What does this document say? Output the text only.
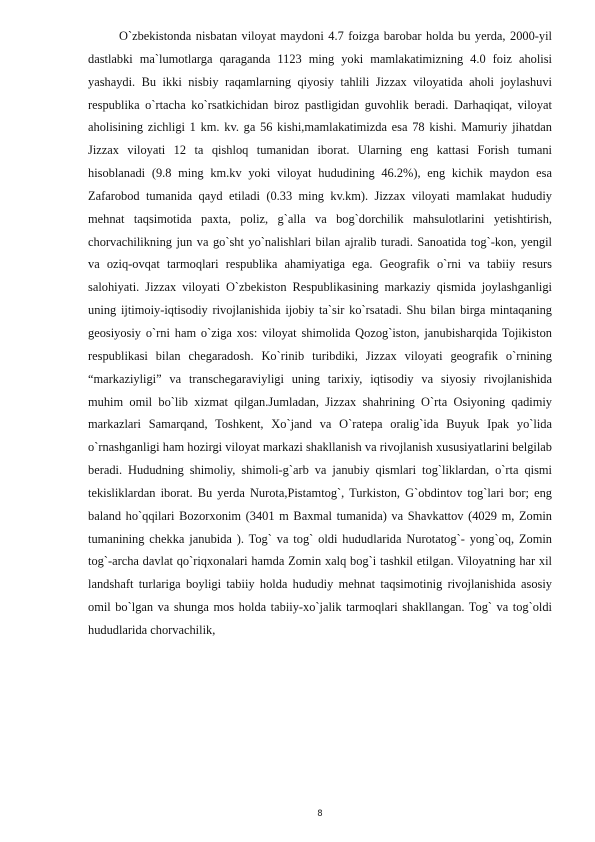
O`zbekistonda nisbatan viloyat maydoni 4.7 foizga barobar holda bu yerda, 2000-yil dastlabki ma`lumotlarga qaraganda 1123 ming yoki mamlakatimizning 4.0 foiz aholisi yashaydi. Bu ikki nisbiy raqamlarning qiyosiy tahlili Jizzax viloyatida aholi joylashuvi respublika o`rtacha ko`rsatkichidan biroz pastligidan guvohlik beradi. Darhaqiqat, viloyat aholisining zichligi 1 km. kv. ga 56 kishi,mamlakatimizda esa 78 kishi. Mamuriy jihatdan Jizzax viloyati 12 ta qishloq tumanidan iborat. Ularning eng kattasi Forish tumani hisoblanadi (9.8 ming km.kv yoki viloyat hududining 46.2%), eng kichik maydon esa Zafarobod tumanida qayd etiladi (0.33 ming kv.km). Jizzax viloyati mamlakat hududiy mehnat taqsimotida paxta, poliz, g`alla va bog`dorchilik mahsulotlarini yetishtirish, chorvachilikning jun va go`sht yo`nalishlari bilan ajralib turadi. Sanoatida tog`-kon, yengil va oziq-ovqat tarmoqlari respublika ahamiyatiga ega. Geografik o`rni va tabiiy resurs salohiyati. Jizzax viloyati O`zbekiston Respublikasining markaziy qismida joylashganligi uning ijtimoiy-iqtisodiy rivojlanishida ijobiy ta`sir ko`rsatadi. Shu bilan birga mintaqaning geosiyosiy o`rni ham o`ziga xos: viloyat shimolida Qozog`iston, janubisharqida Tojikiston respublikasi bilan chegaradosh. Ko`rinib turibdiki, Jizzax viloyati geografik o`rnining “markaziyligi” va transchegaraviyligi uning tarixiy, iqtisodiy va siyosiy rivojlanishida muhim omil bo`lib xizmat qilgan.Jumladan, Jizzax shahrining O`rta Osiyoning qadimiy markazlari Samarqand, Toshkent, Xo`jand va O`ratepa oralig`ida Buyuk Ipak yo`lida o`rnashganligi ham hozirgi viloyat markazi shakllanish va rivojlanish xususiyatlarini belgilab beradi. Hududning shimoliy, shimoli-g`arb va janubiy qismlari tog`liklardan, o`rta qismi tekisliklardan iborat. Bu yerda Nurota,Pistamtog`, Turkiston, G`obdintov tog`lari bor; eng baland ho`qqilari Bozorxonim (3401 m Baxmal tumanida) va Shavkattov (4029 m, Zomin tumanining chekka janubida ). Tog` va tog` oldi hududlarida Nurotatog`- yong`oq, Zomin tog`-archa davlat qo`riqxonalari hamda Zomin xalq bog`i tashkil etilgan. Viloyatning har xil landshaft turlariga boyligi tabiiy holda hududiy mehnat taqsimotinig rivojlanishida asosiy omil bo`lgan va shunga mos holda tabiiy-xo`jalik tarmoqlari shakllangan. Tog` va tog`oldi hududlarida chorvachilik,

8
